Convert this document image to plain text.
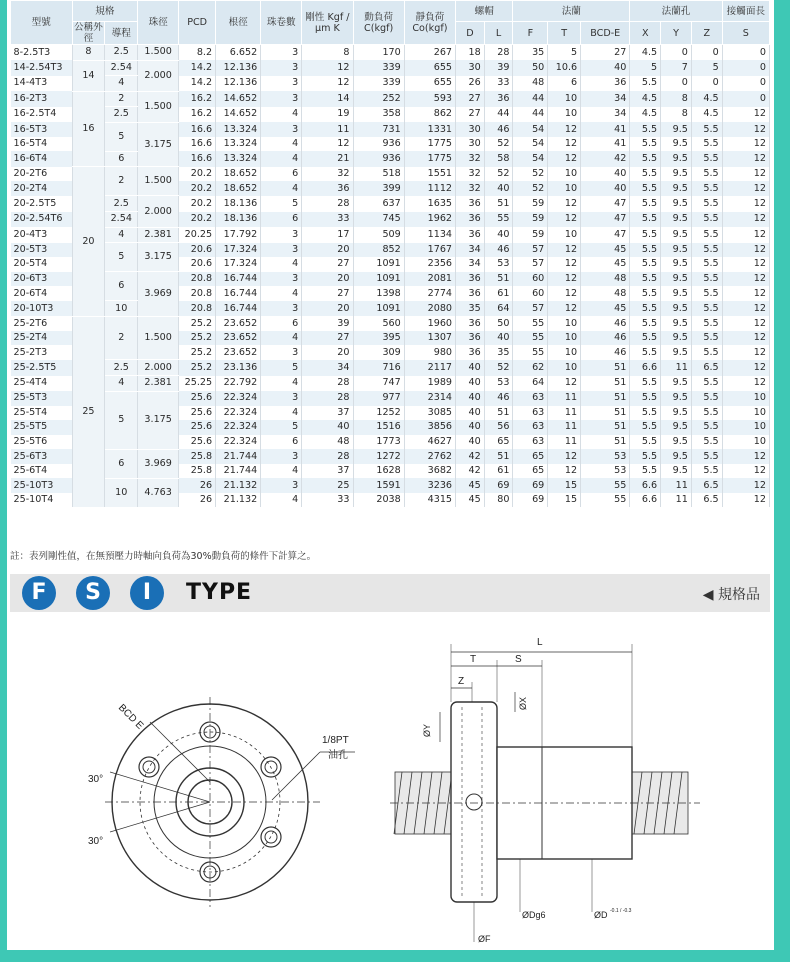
型號	規格		珠徑	PCD	根徑	珠卷數	剛性 Kgf /μm K	動負荷 C(kgf)	靜負荷 Co(kgf)	螺帽		法蘭			法蘭孔			接觸面長
	公稱外徑	導程								D	L	F	T	BCD-E	X	Y	Z	S
8-2.5T3	8	2.5	1.500	8.2	6.652	3	8	170	267	18	28	35	5	27	4.5	0	0	0
14-2.54T3	14	2.54	2.000	14.2	12.136	3	12	339	655	30	39	50	10.6	40	5	7	5	0
14-4T3		4		14.2	12.136	3	12	339	655	26	33	48	6	36	5.5	0	0	0
16-2T3	16	2	1.500	16.2	14.652	3	14	252	593	27	36	44	10	34	4.5	8	4.5	0
16-2.5T4		2.5		16.2	14.652	4	19	358	862	27	44	44	10	34	4.5	8	4.5	12
16-5T3		5	3.175	16.6	13.324	3	11	731	1331	30	46	54	12	41	5.5	9.5	5.5	12
16-5T4				16.6	13.324	4	12	936	1775	30	52	54	12	41	5.5	9.5	5.5	12
16-6T4		6		16.6	13.324	4	21	936	1775	32	58	54	12	42	5.5	9.5	5.5	12
20-2T6	20	2	1.500	20.2	18.652	6	32	518	1551	32	52	52	10	40	5.5	9.5	5.5	12
20-2T4				20.2	18.652	4	36	399	1112	32	40	52	10	40	5.5	9.5	5.5	12
20-2.5T5		2.5	2.000	20.2	18.136	5	28	637	1635	36	51	59	12	47	5.5	9.5	5.5	12
20-2.54T6		2.54		20.2	18.136	6	33	745	1962	36	55	59	12	47	5.5	9.5	5.5	12
20-4T3		4	2.381	20.25	17.792	3	17	509	1134	36	40	59	10	47	5.5	9.5	5.5	12
20-5T3		5	3.175	20.6	17.324	3	20	852	1767	34	46	57	12	45	5.5	9.5	5.5	12
20-5T4				20.6	17.324	4	27	1091	2356	34	53	57	12	45	5.5	9.5	5.5	12
20-6T3		6	3.969	20.8	16.744	3	20	1091	2081	36	51	60	12	48	5.5	9.5	5.5	12
20-6T4				20.8	16.744	4	27	1398	2774	36	61	60	12	48	5.5	9.5	5.5	12
20-10T3		10		20.8	16.744	3	20	1091	2080	35	64	57	12	45	5.5	9.5	5.5	12
25-2T6	25	2	1.500	25.2	23.652	6	39	560	1960	36	50	55	10	46	5.5	9.5	5.5	12
25-2T4				25.2	23.652	4	27	395	1307	36	40	55	10	46	5.5	9.5	5.5	12
25-2T3				25.2	23.652	3	20	309	980	36	35	55	10	46	5.5	9.5	5.5	12
25-2.5T5		2.5	2.000	25.2	23.136	5	34	716	2117	40	52	62	10	51	6.6	11	6.5	12
25-4T4		4	2.381	25.25	22.792	4	28	747	1989	40	53	64	12	51	5.5	9.5	5.5	12
25-5T3		5	3.175	25.6	22.324	3	28	977	2314	40	46	63	11	51	5.5	9.5	5.5	10
25-5T4				25.6	22.324	4	37	1252	3085	40	51	63	11	51	5.5	9.5	5.5	10
25-5T5				25.6	22.324	5	40	1516	3856	40	56	63	11	51	5.5	9.5	5.5	10
25-5T6				25.6	22.324	6	48	1773	4627	40	65	63	11	51	5.5	9.5	5.5	10
25-6T3		6	3.969	25.8	21.744	3	28	1272	2762	42	51	65	12	53	5.5	9.5	5.5	12
25-6T4				25.8	21.744	4	37	1628	3682	42	61	65	12	53	5.5	9.5	5.5	12
25-10T3		10	4.763	26	21.132	3	25	1591	3236	45	69	69	15	55	6.6	11	6.5	12
25-10T4				26	21.132	4	33	2038	4315	45	80	69	15	55	6.6	11	6.5	12
註：表列剛性值，在無預壓力時軸向負荷為30%動負荷的條件下計算之。
F	S	I	TYPE	◀ 規格品
BCD E
1/8PT
油孔
30°
30°
L
T	S
Z
ØY
ØX
ØDg6	ØD -0.1 / -0.3
ØF
